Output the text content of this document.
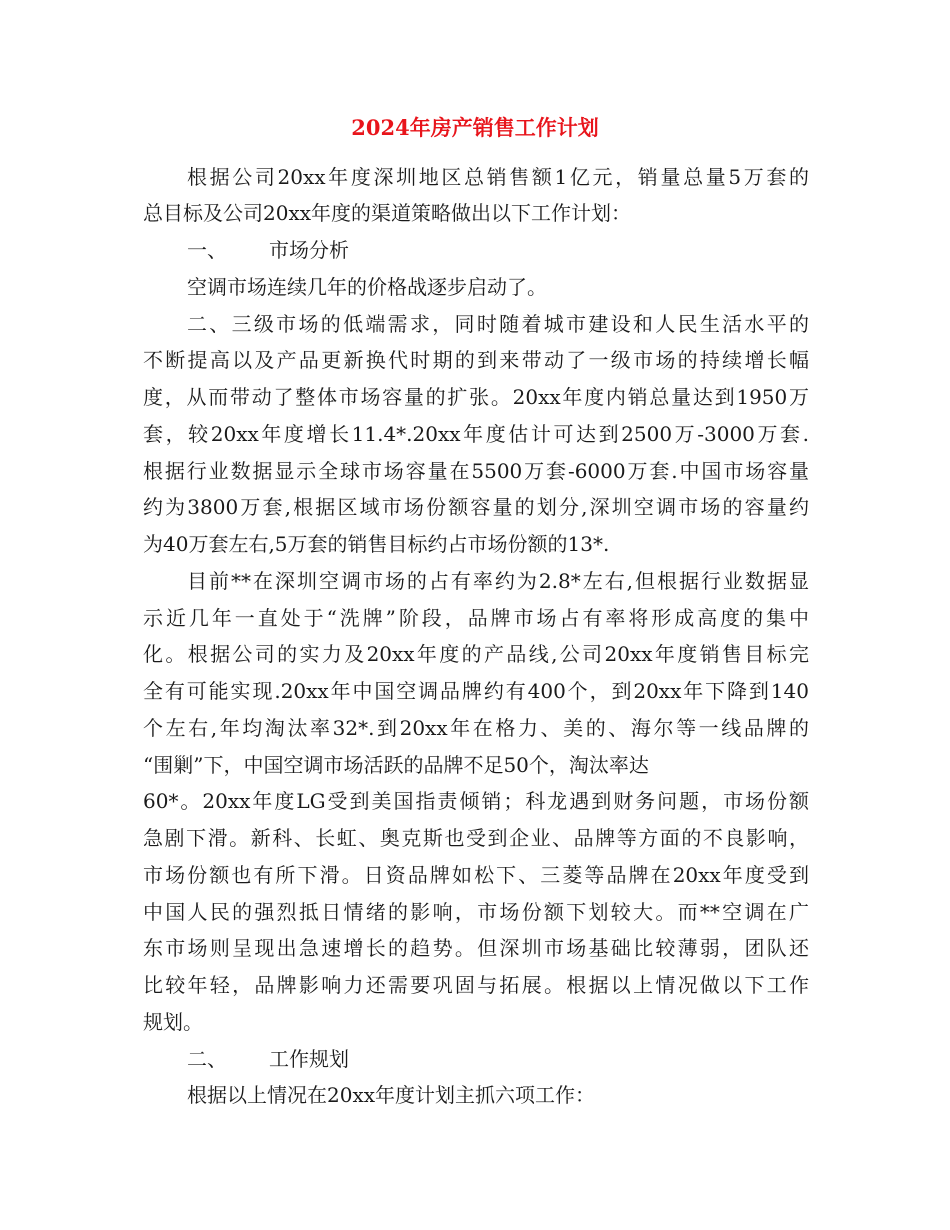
2024年房产销售工作计划
根据公司20xx年度深圳地区总销售额1亿元，销量总量5万套的
总目标及公司20xx年度的渠道策略做出以下工作计划：
一、 市场分析
空调市场连续几年的价格战逐步启动了。
二、三级市场的低端需求，同时随着城市建设和人民生活水平的
不断提高以及产品更新换代时期的到来带动了一级市场的持续增长幅
度，从而带动了整体市场容量的扩张。20xx年度内销总量达到1950万
套，较20xx年度增长11.4*.20xx年度估计可达到2500万-3000万套.
根据行业数据显示全球市场容量在5500万套-6000万套.中国市场容量
约为3800万套,根据区域市场份额容量的划分,深圳空调市场的容量约
为40万套左右,5万套的销售目标约占市场份额的13*.
目前**在深圳空调市场的占有率约为2.8*左右,但根据行业数据显
示近几年一直处于“洗牌”阶段，品牌市场占有率将形成高度的集中
化。根据公司的实力及20xx年度的产品线,公司20xx年度销售目标完
全有可能实现.20xx年中国空调品牌约有400个，到20xx年下降到140
个左右,年均淘汰率32*.到20xx年在格力、美的、海尔等一线品牌的
“围剿”下，中国空调市场活跃的品牌不足50个，淘汰率达
60*。20xx年度LG受到美国指责倾销；科龙遇到财务问题，市场份额
急剧下滑。新科、长虹、奥克斯也受到企业、品牌等方面的不良影响，
市场份额也有所下滑。日资品牌如松下、三菱等品牌在20xx年度受到
中国人民的强烈抵日情绪的影响，市场份额下划较大。而**空调在广
东市场则呈现出急速增长的趋势。但深圳市场基础比较薄弱，团队还
比较年轻，品牌影响力还需要巩固与拓展。根据以上情况做以下工作
规划。
二、 工作规划
根据以上情况在20xx年度计划主抓六项工作：
